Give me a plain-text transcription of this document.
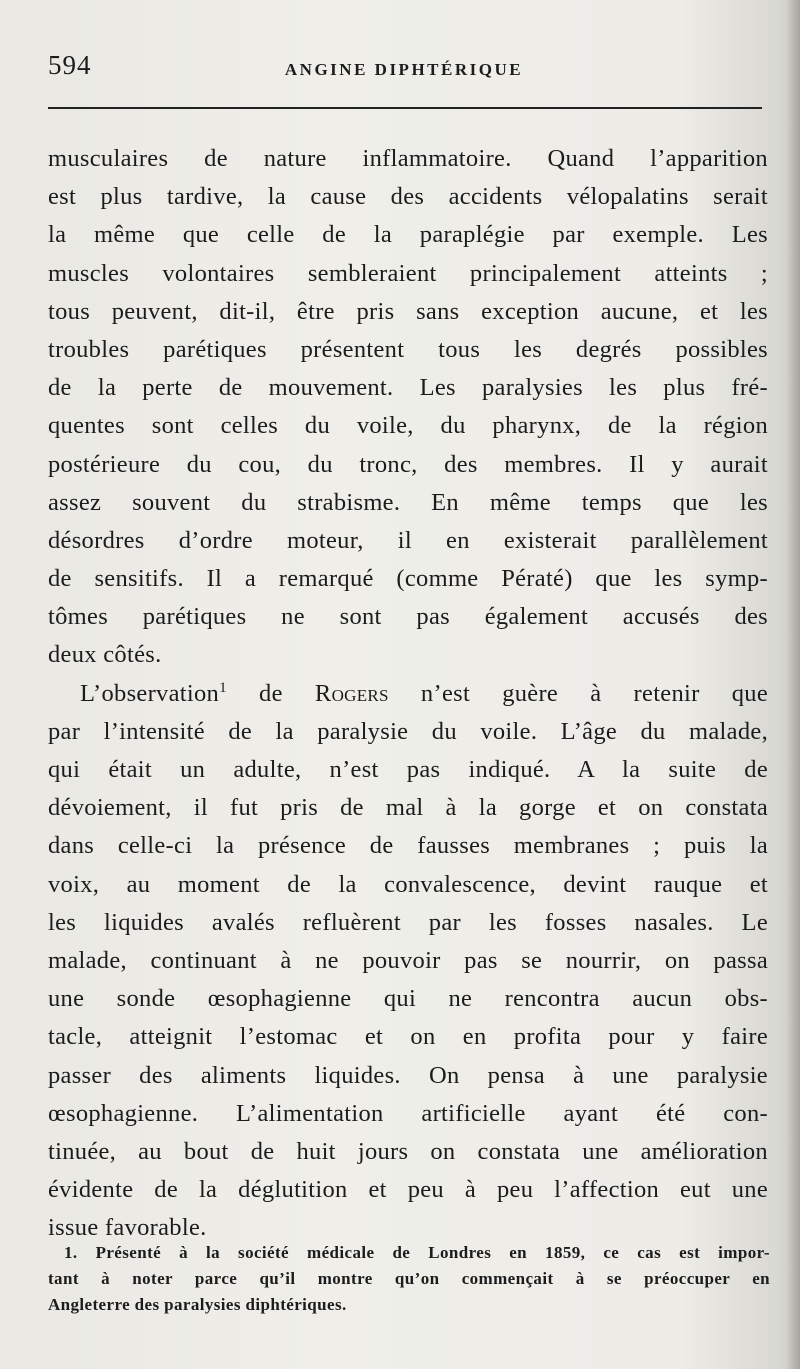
594	ANGINE DIPHTÉRIQUE
musculaires de nature inflammatoire. Quand l’apparition
est plus tardive, la cause des accidents vélopalatins serait
la même que celle de la paraplégie par exemple. Les
muscles volontaires sembleraient principalement atteints ;
tous peuvent, dit-il, être pris sans exception aucune, et les
troubles parétiques présentent tous les degrés possibles
de la perte de mouvement. Les paralysies les plus fré-
quentes sont celles du voile, du pharynx, de la région
postérieure du cou, du tronc, des membres. Il y aurait
assez souvent du strabisme. En même temps que les
désordres d’ordre moteur, il en existerait parallèlement
de sensitifs. Il a remarqué (comme Pératé) que les symp-
tômes parétiques ne sont pas également accusés des
deux côtés.
L’observation$^1$ de Rogers n’est guère à retenir que
par l’intensité de la paralysie du voile. L’âge du malade,
qui était un adulte, n’est pas indiqué. A la suite de
dévoiement, il fut pris de mal à la gorge et on constata
dans celle-ci la présence de fausses membranes ; puis la
voix, au moment de la convalescence, devint rauque et
les liquides avalés refluèrent par les fosses nasales. Le
malade, continuant à ne pouvoir pas se nourrir, on passa
une sonde œsophagienne qui ne rencontra aucun obs-
tacle, atteignit l’estomac et on en profita pour y faire
passer des aliments liquides. On pensa à une paralysie
œsophagienne. L’alimentation artificielle ayant été con-
tinuée, au bout de huit jours on constata une amélioration
évidente de la déglutition et peu à peu l’affection eut une
issue favorable.
1. Présenté à la société médicale de Londres en 1859, ce cas est impor-
tant à noter parce qu’il montre qu’on commençait à se préoccuper en
Angleterre des paralysies diphtériques.
